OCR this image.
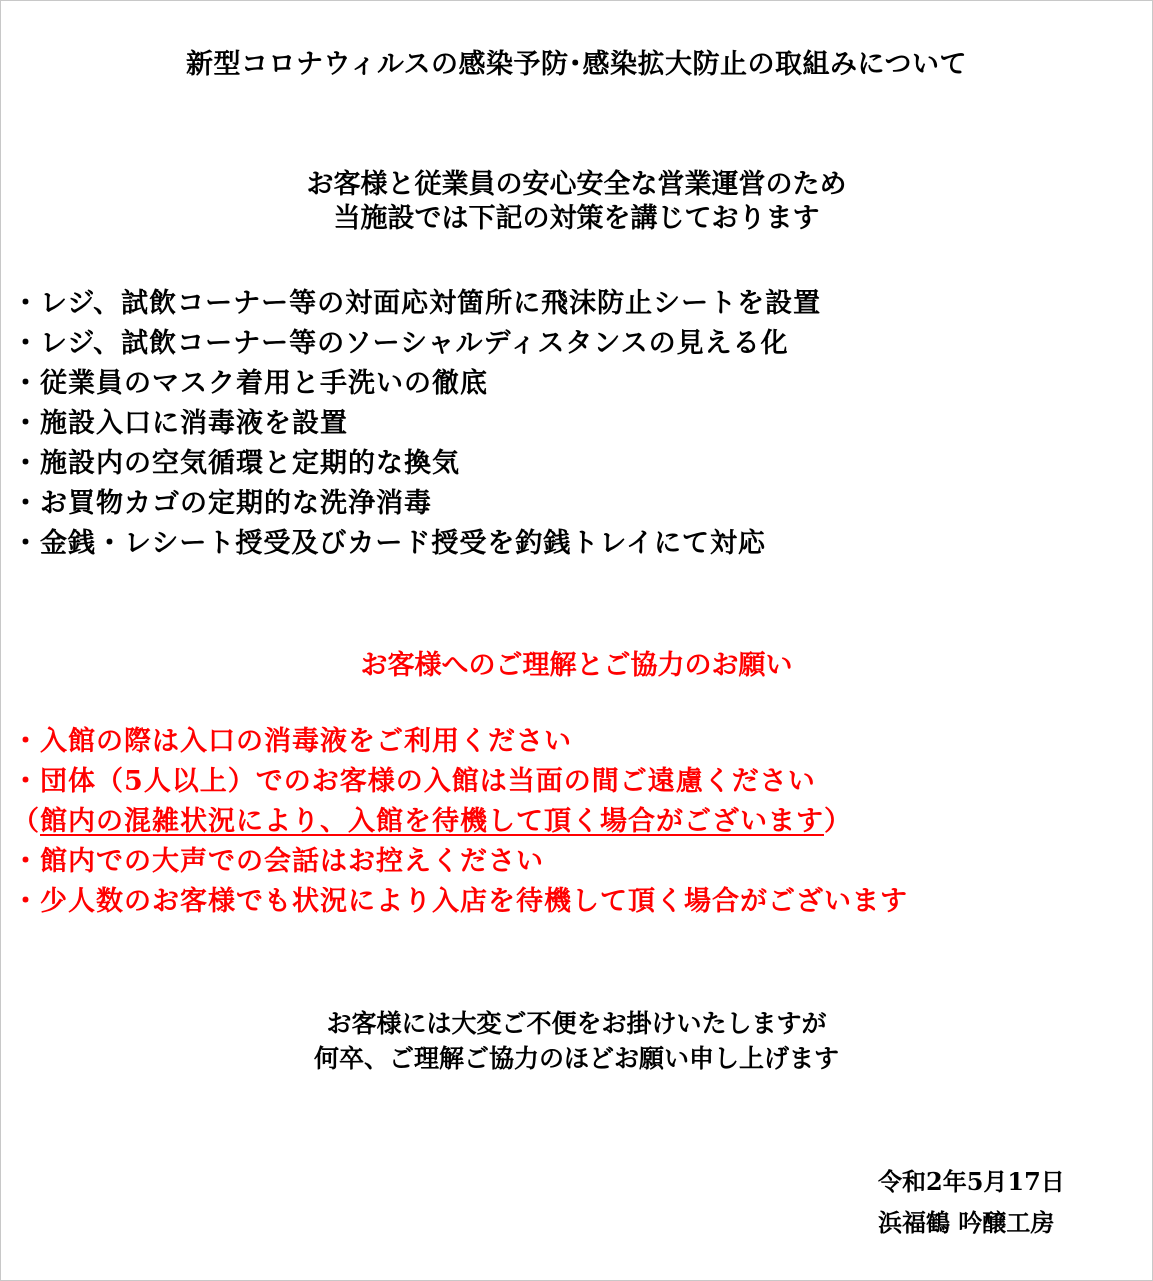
新型コロナウィルスの感染予防･感染拡大防止の取組みについて
お客様と従業員の安心安全な営業運営のため
当施設では下記の対策を講じております
・レジ、試飲コーナー等の対面応対箇所に飛沫防止シートを設置
・レジ、試飲コーナー等のソーシャルディスタンスの見える化
・従業員のマスク着用と手洗いの徹底
・施設入口に消毒液を設置
・施設内の空気循環と定期的な換気
・お買物カゴの定期的な洗浄消毒
・金銭・レシート授受及びカード授受を釣銭トレイにて対応
お客様へのご理解とご協力のお願い
・入館の際は入口の消毒液をご利用ください
・団体（5人以上）でのお客様の入館は当面の間ご遠慮ください
（館内の混雑状況により、入館を待機して頂く場合がございます）
・館内での大声での会話はお控えください
・少人数のお客様でも状況により入店を待機して頂く場合がございます
お客様には大変ご不便をお掛けいたしますが
何卒、ご理解ご協力のほどお願い申し上げます
令和2年5月17日
浜福鶴 吟醸工房
